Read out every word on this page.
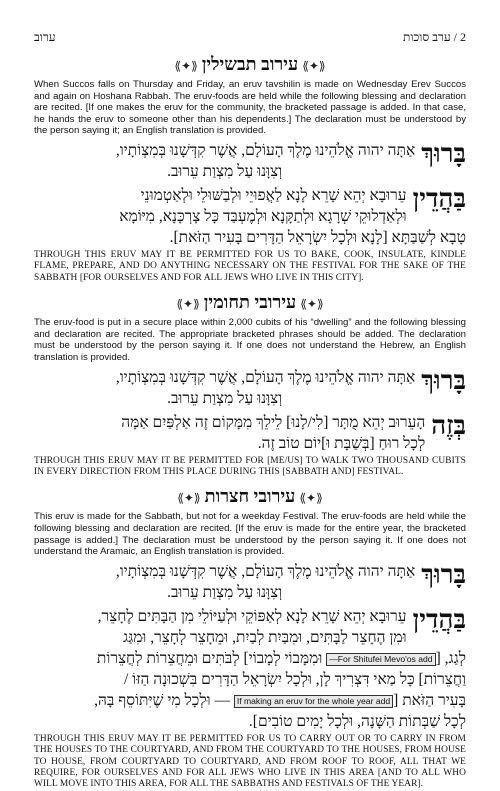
ערוב	2 / ערב סוכות
⟪✦⟫עירוב תבשילין⟪✦⟫

When Succos falls on Thursday and Friday, an eruv tavshilin is made on Wednesday Erev Succos and again on Hoshana Rabbah. The eruv-foods are held while the following blessing and declaration are recited. [If one makes the eruv for the community, the bracketed passage is added. In that case, he hands the eruv to someone other than his dependents.] The declaration must be understood by the person saying it; an English translation is provided.

בָּרוּךְ
אַתָּה יהוה אֱלֹהֵינוּ מֶלֶךְ הָעוֹלָם, אֲשֶׁר קִדְּשָׁנוּ בְּמִצְוֹתָיו,
וְצִוָּנוּ עַל מִצְוַת עֵרוּב.
בַּהֲדֵין
עֵרוּבָא יְהֵא שָׁרֵא לָנָא לַאֲפוּיֵי וּלְבַשּׁוּלֵי וּלְאַטְמוּנֵי
וּלְאַדְלוּקֵי שְׁרָגָא וּלְתַקָּנָא וּלְמֶעְבַּד כָּל צָרְכָּנָא, מִיּוֹמָא
טָבָא לְשַׁבַּתָּא [לָנָא וּלְכָל יִשְׂרָאֵל הַדָּרִים בָּעִיר הַזֹּאת].

THROUGH THIS ERUV MAY IT BE PERMITTED FOR US TO BAKE, COOK, INSULATE, KINDLE FLAME, PREPARE, AND DO ANYTHING NECESSARY ON THE FESTIVAL FOR THE SAKE OF THE SABBATH [FOR OURSELVES AND FOR ALL JEWS WHO LIVE IN THIS CITY].

⟪✦⟫עירובי תחומין⟪✦⟫

The eruv-food is put in a secure place within 2,000 cubits of his “dwelling” and the following blessing and declaration are recited. The appropriate bracketed phrases should be added. The declaration must be understood by the person saying it. If one does not understand the Hebrew, an English translation is provided.

בָּרוּךְ
אַתָּה יהוה אֱלֹהֵינוּ מֶלֶךְ הָעוֹלָם, אֲשֶׁר קִדְּשָׁנוּ בְּמִצְוֹתָיו,
וְצִוָּנוּ עַל מִצְוַת עֵרוּב.
בְּזֶה
הָעֵרוּב יְהֵא מֻתָּר [לִי/לָנוּ] לֵילֵךְ מִמָּקוֹם זֶה אַלְפַּיִם אַמָּה
לְכָל רוּחַ [בְּשַׁבָּת וּ]יוֹם טוֹב זֶה.

THROUGH THIS ERUV MAY IT BE PERMITTED FOR [ME/US] TO WALK TWO THOUSAND CUBITS IN EVERY DIRECTION FROM THIS PLACE DURING THIS [SABBATH AND] FESTIVAL.

⟪✦⟫עירובי חצרות⟪✦⟫

This eruv is made for the Sabbath, but not for a weekday Festival. The eruv-foods are held while the following blessing and declaration are recited. [If the eruv is made for the entire year, the bracketed passage is added.] The declaration must be understood by the person saying it. If one does not understand the Aramaic, an English translation is provided.

בָּרוּךְ
אַתָּה יהוה אֱלֹהֵינוּ מֶלֶךְ הָעוֹלָם, אֲשֶׁר קִדְּשָׁנוּ בְּמִצְוֹתָיו,
וְצִוָּנוּ עַל מִצְוַת עֵרוּב.
בַּהֲדֵין
עֵרוּבָא יְהֵא שָׁרֵא לָנָא לְאַפּוֹקֵי וּלְעַיּוֹלֵי מִן הַבָּתִּים לֶחָצֵר,
וּמִן הֶחָצֵר לַבָּתִּים, וּמִבַּיִת לְבַיִת, וּמֵחָצֵר לְחָצֵר, וּמִגַּג
לְגַג, [—For Shitufei Mevo'os add וּמִמָּבוֹי לְמָבוֹי] לְבֹּתִּים וּמֵחֲצֵרוֹת לְחֲצֵרוֹת
וַחֲצֵרוֹת] כָּל מַאי דִּצְרִיךְ לָן, וּלְכָל יִשְׂרָאֵל הַדָּרִים בִּשְׁכוּנָה הַזּוֹ /
בָּעִיר הַזֹּאת [If making an eruv for the whole year add — וּלְכָל מִי שֶׁיִּתּוֹסֵף בָּהּ,
לְכָל שַׁבְּתוֹת הַשָּׁנָה, וּלְכָל יָמִים טוֹבִים].

THROUGH THIS ERUV MAY IT BE PERMITTED FOR US TO CARRY OUT OR TO CARRY IN FROM THE HOUSES TO THE COURTYARD, AND FROM THE COURTYARD TO THE HOUSES, FROM HOUSE TO HOUSE, FROM COURTYARD TO COURTYARD, AND FROM ROOF TO ROOF, ALL THAT WE REQUIRE, FOR OURSELVES AND FOR ALL JEWS WHO LIVE IN THIS AREA [AND TO ALL WHO WILL MOVE INTO THIS AREA, FOR ALL THE SABBATHS AND FESTIVALS OF THE YEAR].
